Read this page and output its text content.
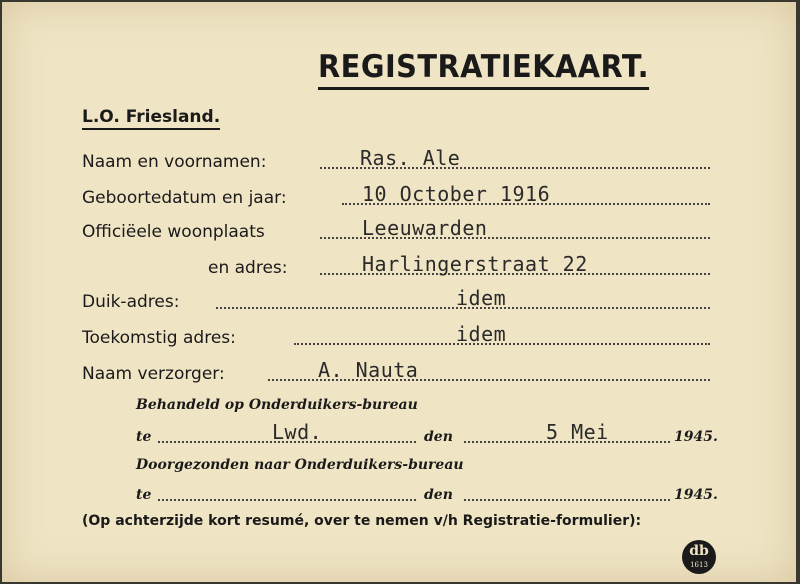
REGISTRATIEKAART.
L.O. Friesland.
Naam en voornamen:	Ras. Ale
Geboortedatum en jaar:	10 October 1916
Officiëele woonplaats	Leeuwarden
en adres:	Harlingerstraat 22
Duik-adres:	idem
Toekomstig adres:	idem
Naam verzorger:	A. Nauta
Behandeld op Onderduikers-bureau
te	Lwd.	den	5 Mei	1945.
Doorgezonden naar Onderduikers-bureau
te	den	1945.
(Op achterzijde kort resumé, over te nemen v/h Registratie-formulier):
db
1613
